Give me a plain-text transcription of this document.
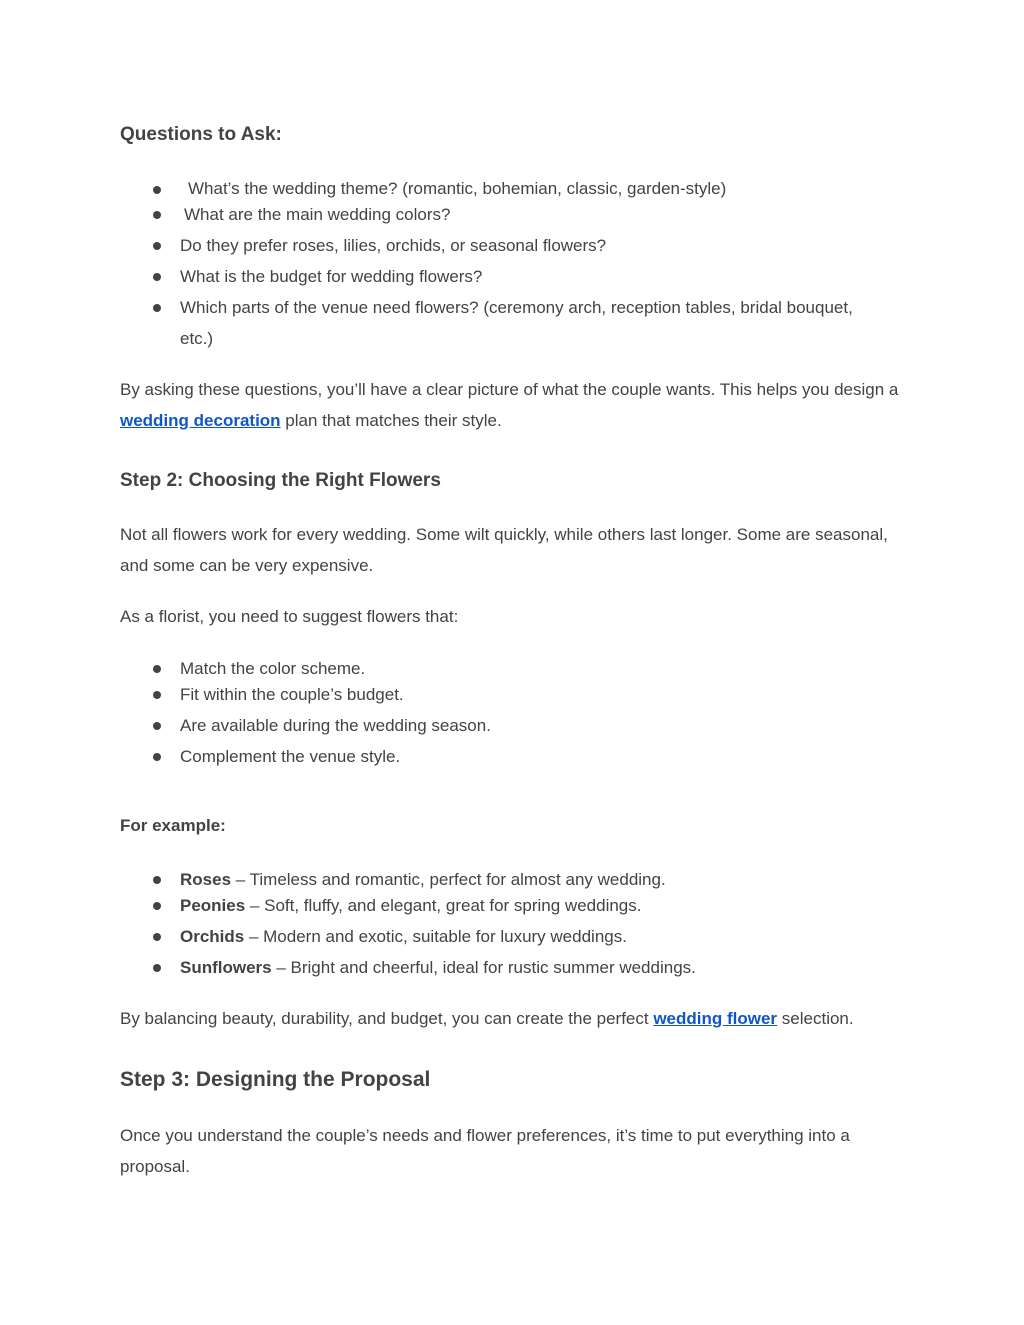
Questions to Ask:
What’s the wedding theme? (romantic, bohemian, classic, garden-style)
What are the main wedding colors?
Do they prefer roses, lilies, orchids, or seasonal flowers?
What is the budget for wedding flowers?
Which parts of the venue need flowers? (ceremony arch, reception tables, bridal bouquet,
etc.)
By asking these questions, you’ll have a clear picture of what the couple wants. This helps you design a
wedding decoration plan that matches their style.
Step 2: Choosing the Right Flowers
Not all flowers work for every wedding. Some wilt quickly, while others last longer. Some are seasonal,
and some can be very expensive.
As a florist, you need to suggest flowers that:
Match the color scheme.
Fit within the couple’s budget.
Are available during the wedding season.
Complement the venue style.
For example:
Roses – Timeless and romantic, perfect for almost any wedding.
Peonies – Soft, fluffy, and elegant, great for spring weddings.
Orchids – Modern and exotic, suitable for luxury weddings.
Sunflowers – Bright and cheerful, ideal for rustic summer weddings.
By balancing beauty, durability, and budget, you can create the perfect wedding flower selection.
Step 3: Designing the Proposal
Once you understand the couple’s needs and flower preferences, it’s time to put everything into a
proposal.
